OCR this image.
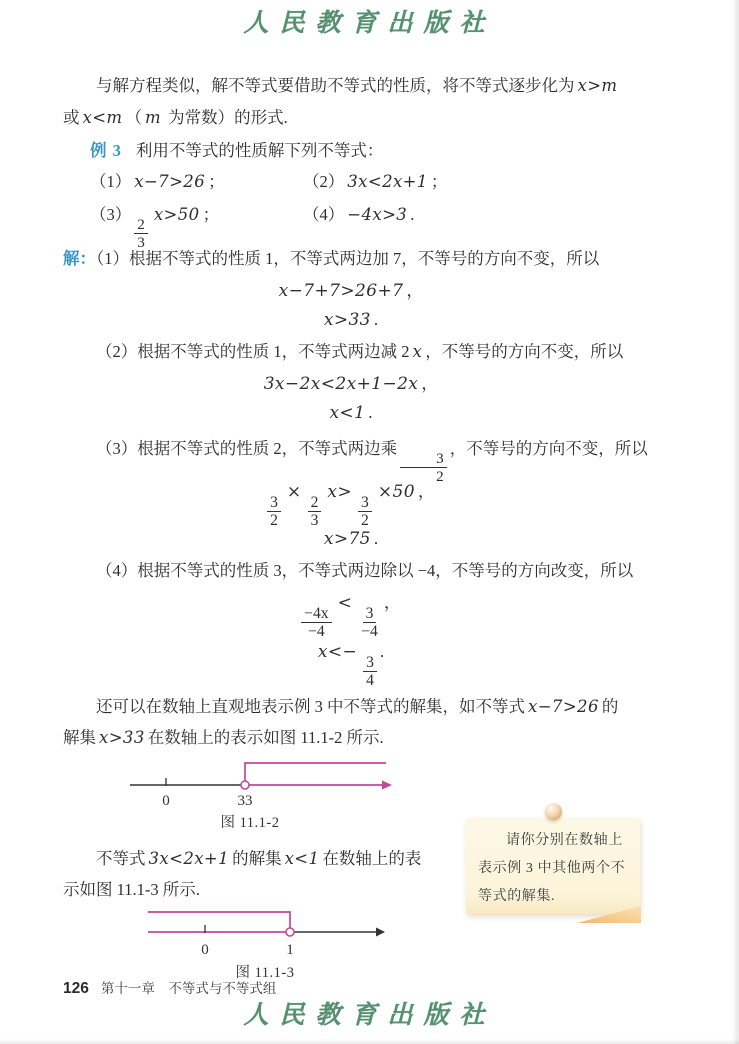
人民教育出版社
与解方程类似，解不等式要借助不等式的性质，将不等式逐步化为 x>m
或 x<m （ m 为常数）的形式.
例 3 利用不等式的性质解下列不等式：
（1） x−7>26 ；	（2） 3x<2x+1 ；
（3）
$\frac{2}{3}$
x>50 ；	（4） −4x>3 .
解：（1）根据不等式的性质 1，不等式两边加 7，不等号的方向不变，所以
x−7+7>26+7 ，
x>33 .
（2）根据不等式的性质 1，不等式两边减 2 x ，不等号的方向不变，所以
3x−2x<2x+1−2x ，
x<1 .
（3）根据不等式的性质 2，不等式两边乘
$\frac{3}{2}$
，不等号的方向不变，所以
$\frac{3}{2}$
×
$\frac{2}{3}$
x>
$\frac{3}{2}$
×50 ，
x>75 .
（4）根据不等式的性质 3，不等式两边除以 −4，不等号的方向改变，所以
$\frac{-4x}{-4}$
<
$\frac{3}{-4}$
，
x<−
$\frac{3}{4}$
.
还可以在数轴上直观地表示例 3 中不等式的解集，如不等式 x−7>26 的
解集 x>33 在数轴上的表示如图 11.1-2 所示.
0	33
图 11.1-2
不等式 3x<2x+1 的解集 x<1 在数轴上的表
示如图 11.1-3 所示.
请你分别在数轴上表示例 3 中其他两个不等式的解集.
0	1
图 11.1-3
126 第十一章　不等式与不等式组
人民教育出版社
